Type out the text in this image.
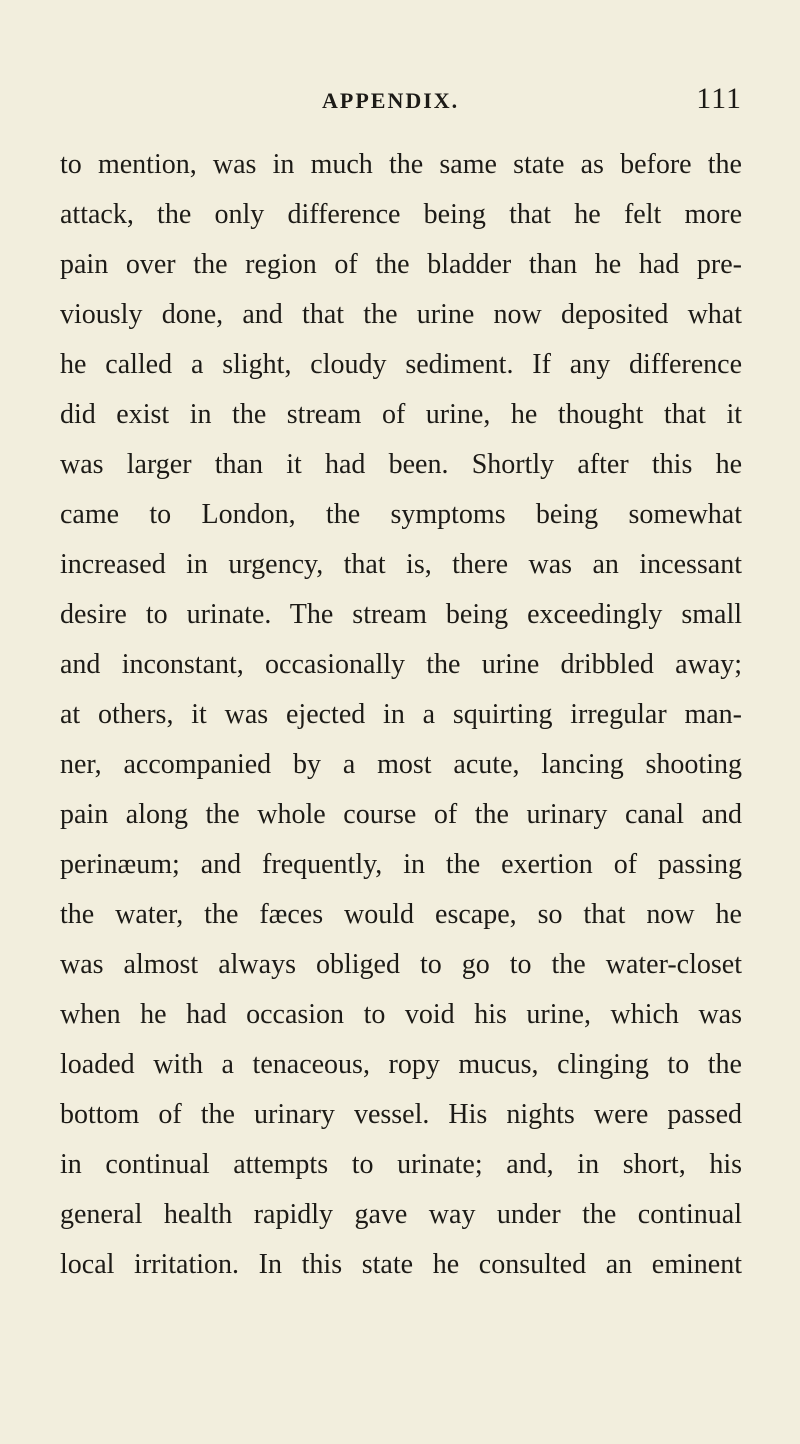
APPENDIX.	111
to mention, was in much the same state as before the
attack, the only difference being that he felt more
pain over the region of the bladder than he had pre-
viously done, and that the urine now deposited what
he called a slight, cloudy sediment. If any difference
did exist in the stream of urine, he thought that it
was larger than it had been. Shortly after this he
came to London, the symptoms being somewhat
increased in urgency, that is, there was an incessant
desire to urinate. The stream being exceedingly small
and inconstant, occasionally the urine dribbled away;
at others, it was ejected in a squirting irregular man-
ner, accompanied by a most acute, lancing shooting
pain along the whole course of the urinary canal and
perinæum; and frequently, in the exertion of passing
the water, the fæces would escape, so that now he
was almost always obliged to go to the water-closet
when he had occasion to void his urine, which was
loaded with a tenaceous, ropy mucus, clinging to the
bottom of the urinary vessel. His nights were passed
in continual attempts to urinate; and, in short, his
general health rapidly gave way under the continual
local irritation. In this state he consulted an eminent
